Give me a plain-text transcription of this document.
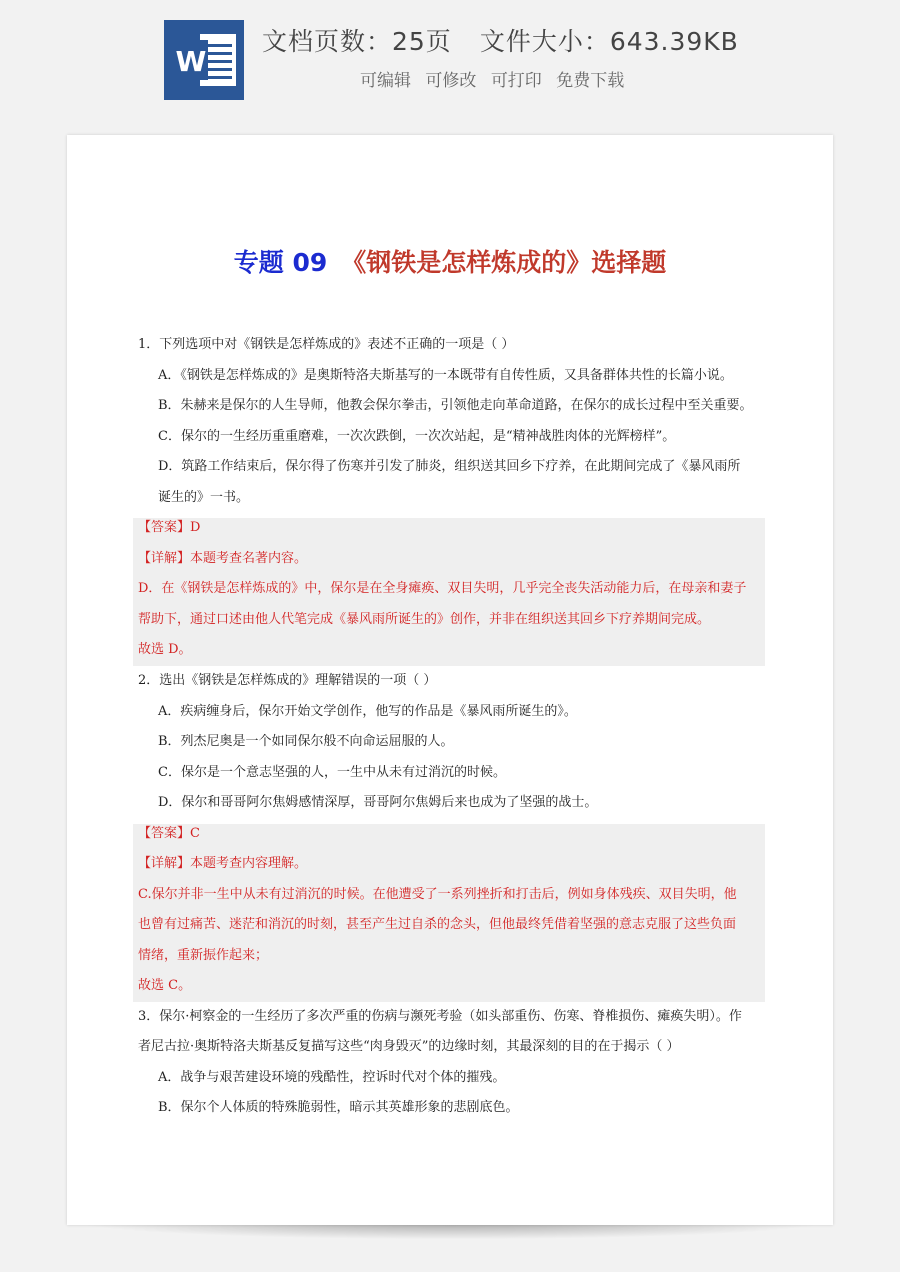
W
文档页数：25页 文件大小：643.39KB
可编辑 可修改 可打印 免费下载
专题 09 《钢铁是怎样炼成的》选择题
1．下列选项中对《钢铁是怎样炼成的》表述不正确的一项是（ ）
A．《钢铁是怎样炼成的》是奥斯特洛夫斯基写的一本既带有自传性质，又具备群体共性的长篇小说。
B．朱赫来是保尔的人生导师，他教会保尔拳击，引领他走向革命道路，在保尔的成长过程中至关重要。
C．保尔的一生经历重重磨难，一次次跌倒，一次次站起，是“精神战胜肉体的光辉榜样”。
D．筑路工作结束后，保尔得了伤寒并引发了肺炎，组织送其回乡下疗养，在此期间完成了《暴风雨所
诞生的》一书。
【答案】D
【详解】本题考查名著内容。
D．在《钢铁是怎样炼成的》中，保尔是在全身瘫痪、双目失明，几乎完全丧失活动能力后，在母亲和妻子
帮助下，通过口述由他人代笔完成《暴风雨所诞生的》创作，并非在组织送其回乡下疗养期间完成。
故选 D。
2．选出《钢铁是怎样炼成的》理解错误的一项（ ）
A．疾病缠身后，保尔开始文学创作，他写的作品是《暴风雨所诞生的》。
B．列杰尼奥是一个如同保尔般不向命运屈服的人。
C．保尔是一个意志坚强的人，一生中从未有过消沉的时候。
D．保尔和哥哥阿尔焦姆感情深厚，哥哥阿尔焦姆后来也成为了坚强的战士。
【答案】C
【详解】本题考查内容理解。
C.保尔并非一生中从未有过消沉的时候。在他遭受了一系列挫折和打击后，例如身体残疾、双目失明，他
也曾有过痛苦、迷茫和消沉的时刻，甚至产生过自杀的念头，但他最终凭借着坚强的意志克服了这些负面
情绪，重新振作起来；
故选 C。
3．保尔·柯察金的一生经历了多次严重的伤病与濒死考验（如头部重伤、伤寒、脊椎损伤、瘫痪失明）。作
者尼古拉·奥斯特洛夫斯基反复描写这些“肉身毁灭”的边缘时刻，其最深刻的目的在于揭示（ ）
A．战争与艰苦建设环境的残酷性，控诉时代对个体的摧残。
B．保尔个人体质的特殊脆弱性，暗示其英雄形象的悲剧底色。
